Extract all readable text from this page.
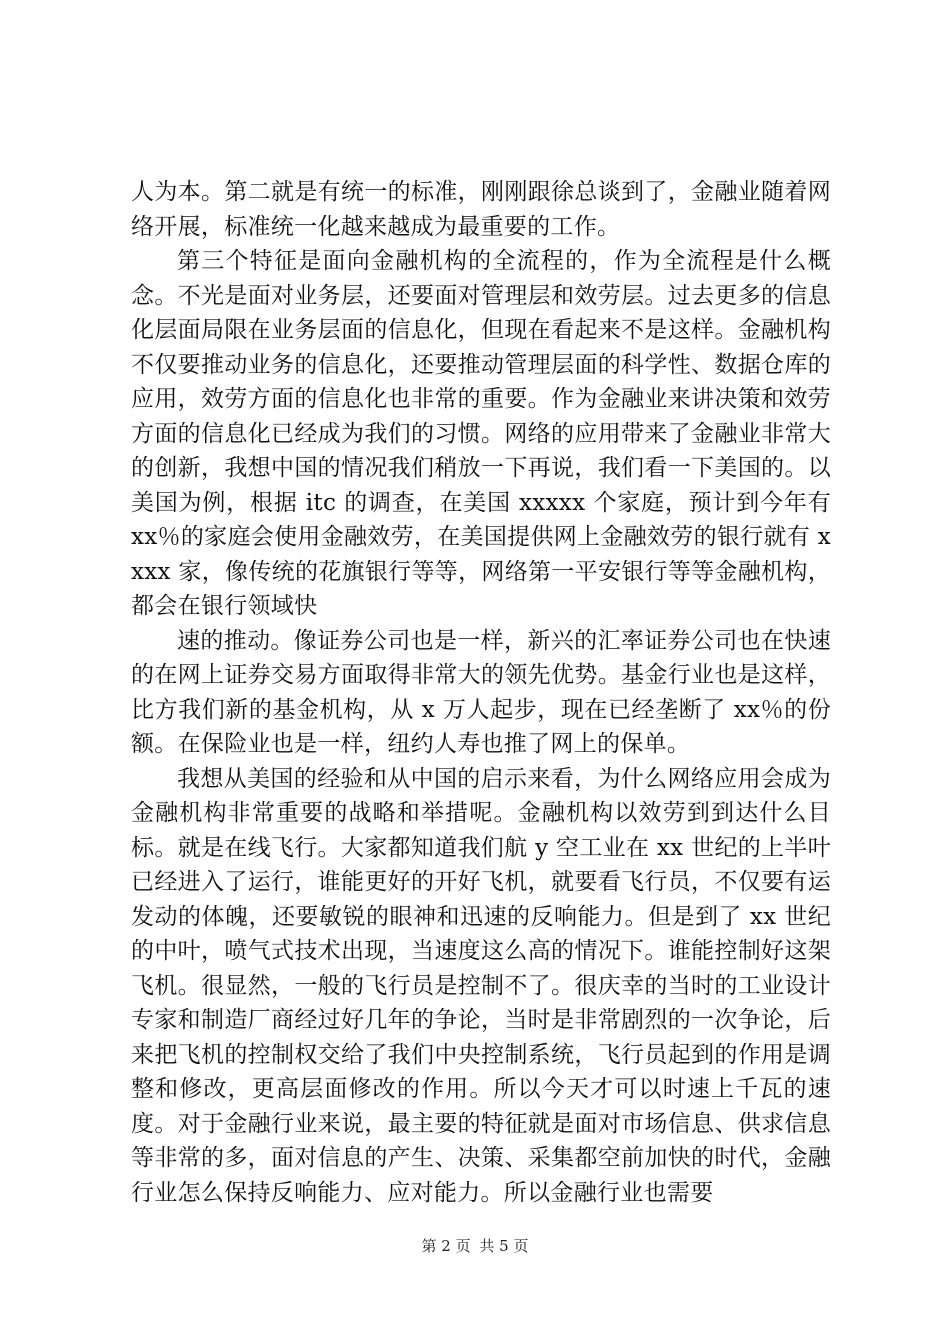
人为本。第二就是有统一的标准，刚刚跟徐总谈到了，金融业随着网络开展，标准统一化越来越成为最重要的工作。

第三个特征是面向金融机构的全流程的，作为全流程是什么概念。不光是面对业务层，还要面对管理层和效劳层。过去更多的信息化层面局限在业务层面的信息化，但现在看起来不是这样。金融机构不仅要推动业务的信息化，还要推动管理层面的科学性、数据仓库的应用，效劳方面的信息化也非常的重要。作为金融业来讲决策和效劳方面的信息化已经成为我们的习惯。网络的应用带来了金融业非常大的创新，我想中国的情况我们稍放一下再说，我们看一下美国的。以美国为例，根据 itc 的调查，在美国 xxxxx 个家庭，预计到今年有 xx％的家庭会使用金融效劳，在美国提供网上金融效劳的银行就有 xxxx 家，像传统的花旗银行等等，网络第一平安银行等等金融机构，都会在银行领域快

速的推动。像证券公司也是一样，新兴的汇率证券公司也在快速的在网上证券交易方面取得非常大的领先优势。基金行业也是这样，比方我们新的基金机构，从 x 万人起步，现在已经垄断了 xx％的份额。在保险业也是一样，纽约人寿也推了网上的保单。

我想从美国的经验和从中国的启示来看，为什么网络应用会成为金融机构非常重要的战略和举措呢。金融机构以效劳到到达什么目标。就是在线飞行。大家都知道我们航 y 空工业在 xx 世纪的上半叶已经进入了运行，谁能更好的开好飞机，就要看飞行员，不仅要有运发动的体魄，还要敏锐的眼神和迅速的反响能力。但是到了 xx 世纪的中叶，喷气式技术出现，当速度这么高的情况下。谁能控制好这架飞机。很显然，一般的飞行员是控制不了。很庆幸的当时的工业设计专家和制造厂商经过好几年的争论，当时是非常剧烈的一次争论，后来把飞机的控制权交给了我们中央控制系统，飞行员起到的作用是调整和修改，更高层面修改的作用。所以今天才可以时速上千瓦的速度。对于金融行业来说，最主要的特征就是面对市场信息、供求信息等非常的多，面对信息的产生、决策、采集都空前加快的时代，金融行业怎么保持反响能力、应对能力。所以金融行业也需要

第 2 页 共 5 页
